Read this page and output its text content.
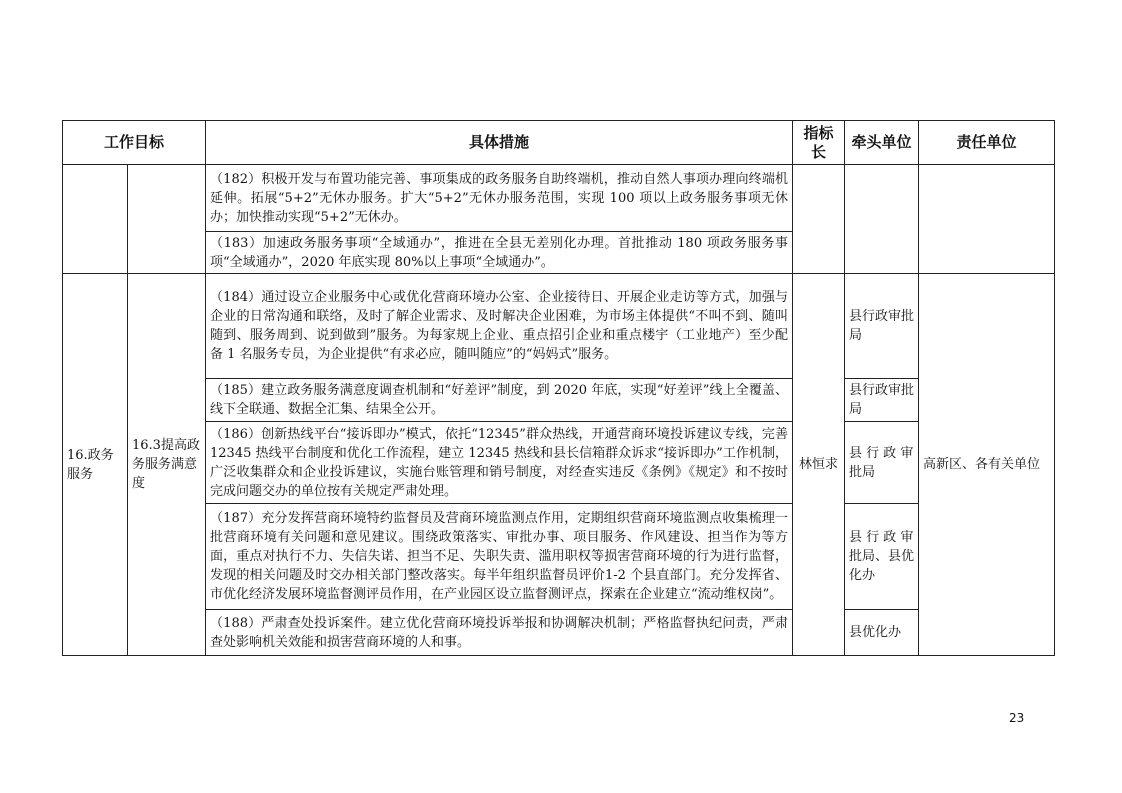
工作目标		具体措施	指标长	牵头单位	责任单位
		（182）积极开发与布置功能完善、事项集成的政务服务自助终端机，推动自然人事项办理向终端机延伸。拓展“5+2”无休办服务。扩大“5+2”无休办服务范围，实现 100 项以上政务服务事项无休办；加快推动实现“5+2”无休办。			
		（183）加速政务服务事项“全域通办”，推进在全县无差别化办理。首批推动 180 项政务服务事项“全域通办”，2020 年底实现 80%以上事项“全域通办”。			
16.政务服务	16.3提高政务服务满意度	（184）通过设立企业服务中心或优化营商环境办公室、企业接待日、开展企业走访等方式，加强与企业的日常沟通和联络，及时了解企业需求、及时解决企业困难，为市场主体提供“不叫不到、随叫随到、服务周到、说到做到”服务。为每家规上企业、重点招引企业和重点楼宇（工业地产）至少配备 1 名服务专员，为企业提供“有求必应，随叫随应”的“妈妈式”服务。	林恒求	县行政审批局	高新区、各有关单位
		（185）建立政务服务满意度调查机制和“好差评”制度，到 2020 年底，实现“好差评”线上全覆盖、线下全联通、数据全汇集、结果全公开。		县行政审批局	
		（186）创新热线平台“接诉即办”模式，依托“12345”群众热线，开通营商环境投诉建议专线，完善 12345 热线平台制度和优化工作流程，建立 12345 热线和县长信箱群众诉求“接诉即办”工作机制，广泛收集群众和企业投诉建议，实施台账管理和销号制度，对经查实违反《条例》《规定》和不按时完成问题交办的单位按有关规定严肃处理。		县 行 政 审批局	
		（187）充分发挥营商环境特约监督员及营商环境监测点作用，定期组织营商环境监测点收集梳理一批营商环境有关问题和意见建议。围绕政策落实、审批办事、项目服务、作风建设、担当作为等方面，重点对执行不力、失信失诺、担当不足、失职失责、滥用职权等损害营商环境的行为进行监督，发现的相关问题及时交办相关部门整改落实。每半年组织监督员评价1-2 个县直部门。充分发挥省、市优化经济发展环境监督测评员作用，在产业园区设立监督测评点，探索在企业建立“流动维权岗”。		县 行 政 审批局、县优化办	
		（188）严肃查处投诉案件。建立优化营商环境投诉举报和协调解决机制；严格监督执纪问责，严肃查处影响机关效能和损害营商环境的人和事。		县优化办	
23
